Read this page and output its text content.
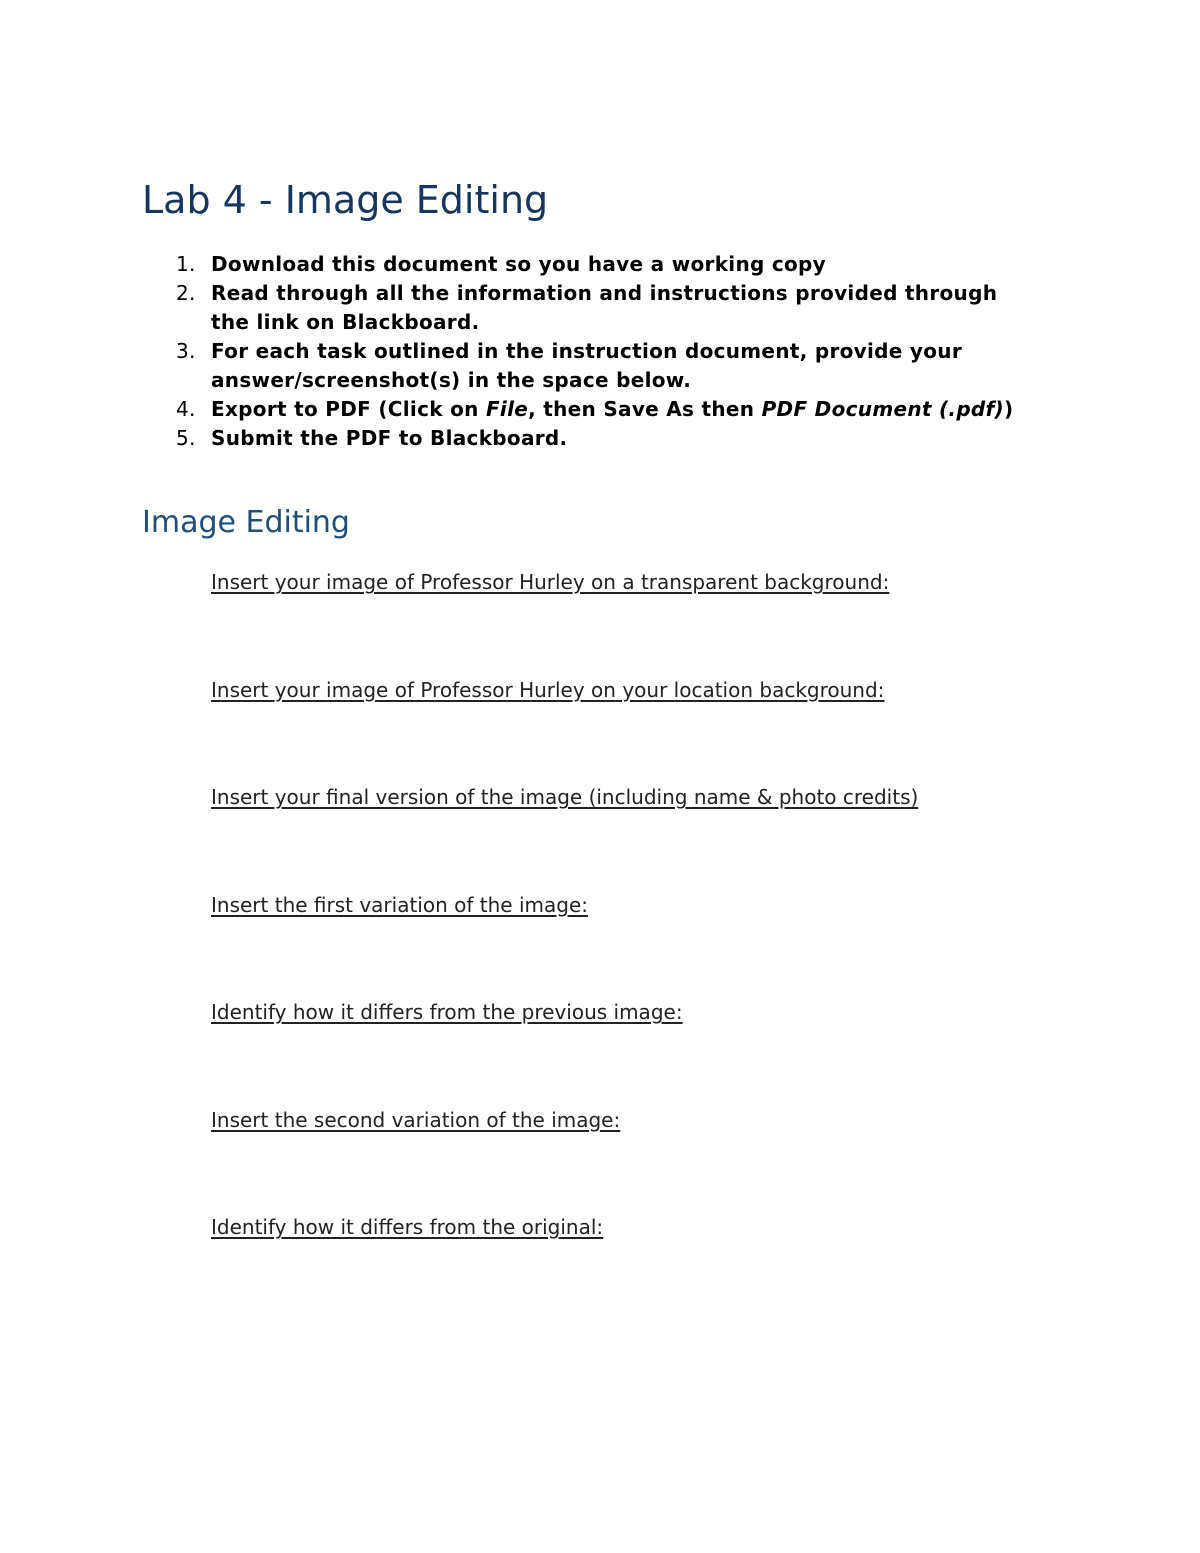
Lab 4 - Image Editing
1. Download this document so you have a working copy
2. Read through all the information and instructions provided through
the link on Blackboard.
3. For each task outlined in the instruction document, provide your
answer/screenshot(s) in the space below.
4. Export to PDF (Click on File, then Save As then PDF Document (.pdf))
5. Submit the PDF to Blackboard.
Image Editing
Insert your image of Professor Hurley on a transparent background:
Insert your image of Professor Hurley on your location background:
Insert your final version of the image (including name & photo credits)
Insert the first variation of the image:
Identify how it differs from the previous image:
Insert the second variation of the image:
Identify how it differs from the original:
